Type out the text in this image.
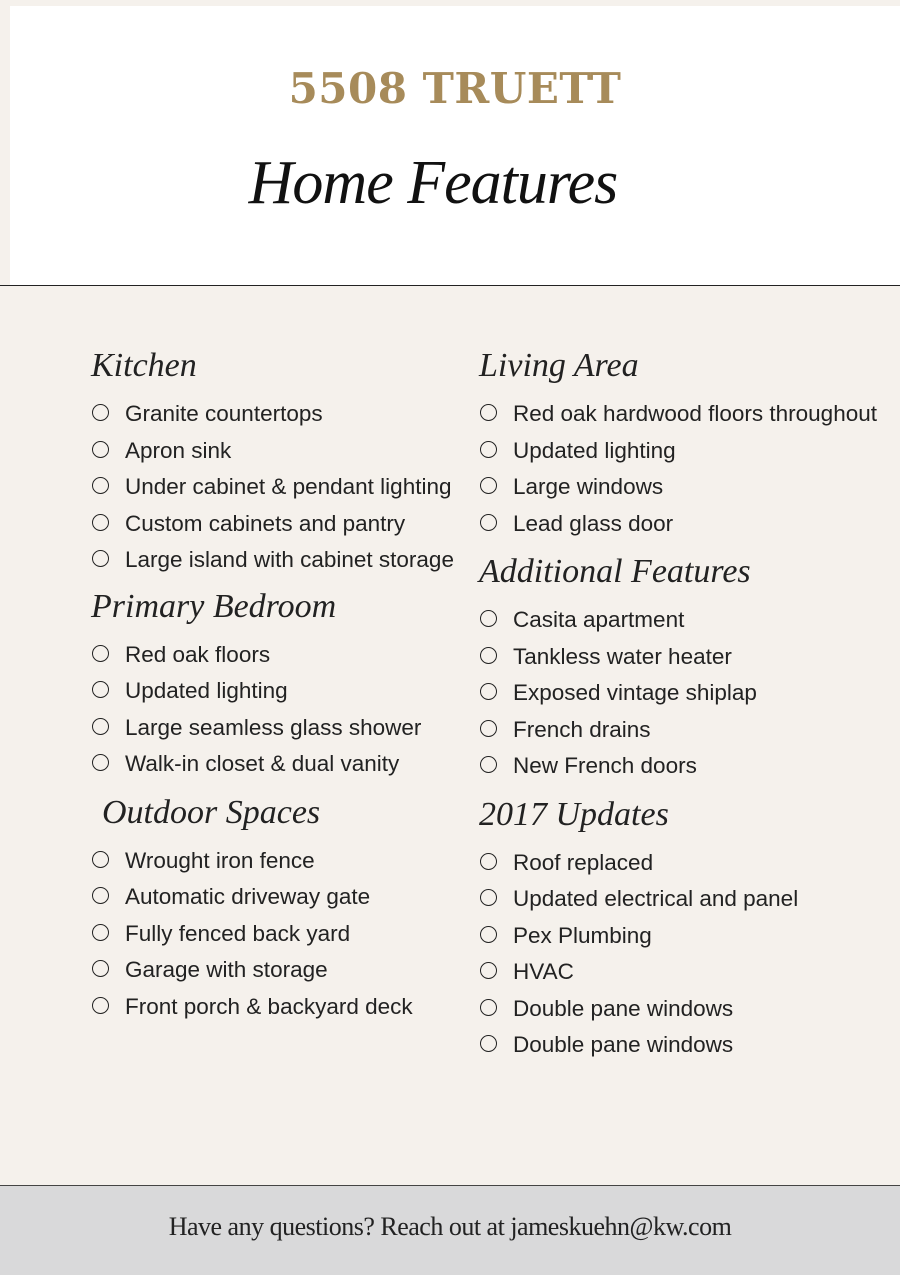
5508 TRUETT
Home Features
Kitchen
Granite countertops
Apron sink
Under cabinet & pendant lighting
Custom cabinets and pantry
Large island with cabinet storage
Primary Bedroom
Red oak floors
Updated lighting
Large seamless glass shower
Walk-in closet & dual vanity
Outdoor Spaces
Wrought iron fence
Automatic driveway gate
Fully fenced back yard
Garage with storage
Front porch & backyard deck
Living Area
Red oak hardwood floors throughout
Updated lighting
Large windows
Lead glass door
Additional Features
Casita apartment
Tankless water heater
Exposed vintage shiplap
French drains
New French doors
2017 Updates
Roof replaced
Updated electrical and panel
Pex Plumbing
HVAC
Double pane windows
Double pane windows
Have any questions? Reach out at jameskuehn@kw.com
